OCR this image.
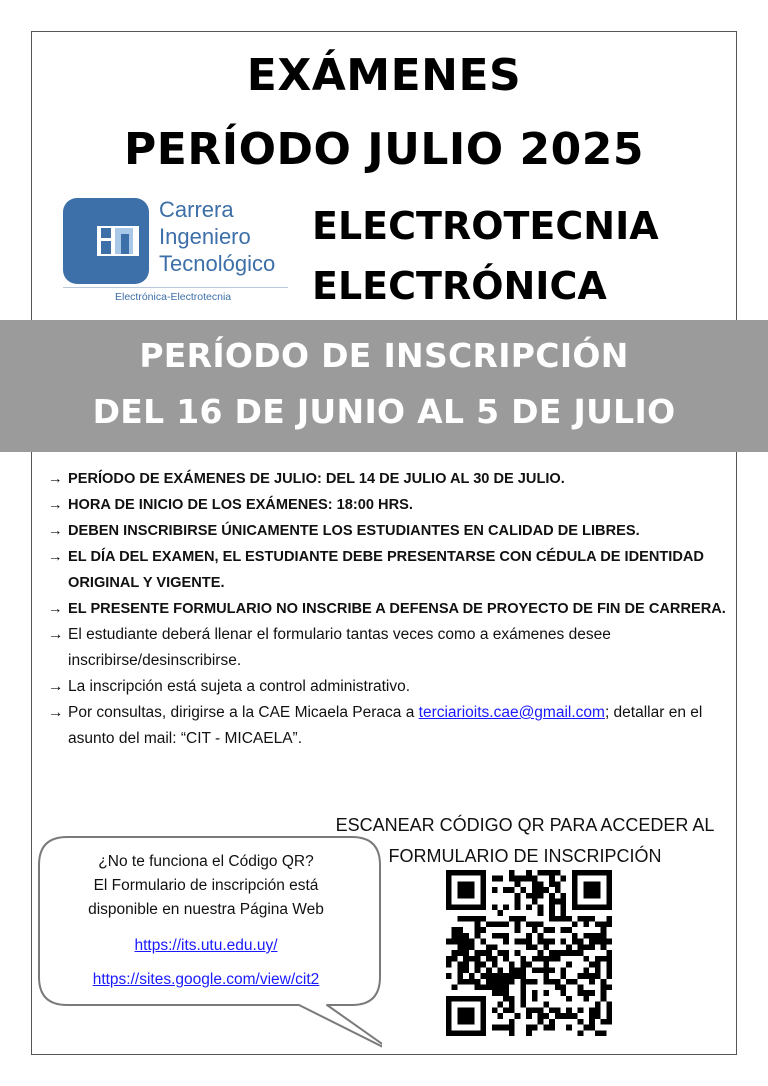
EXÁMENES
PERÍODO JULIO 2025
Carrera
Ingeniero
Tecnológico
Electrónica-Electrotecnia
ELECTROTECNIA
ELECTRÓNICA
PERÍODO DE INSCRIPCIÓN
DEL 16 DE JUNIO AL 5 DE JULIO
→ PERÍODO DE EXÁMENES DE JULIO: DEL 14 DE JULIO AL 30 DE JULIO.
→ HORA DE INICIO DE LOS EXÁMENES: 18:00 HRS.
→ DEBEN INSCRIBIRSE ÚNICAMENTE LOS ESTUDIANTES EN CALIDAD DE LIBRES.
→ EL DÍA DEL EXAMEN, EL ESTUDIANTE DEBE PRESENTARSE CON CÉDULA DE IDENTIDAD ORIGINAL Y VIGENTE.
→ EL PRESENTE FORMULARIO NO INSCRIBE A DEFENSA DE PROYECTO DE FIN DE CARRERA.
→ El estudiante deberá llenar el formulario tantas veces como a exámenes desee inscribirse/desinscribirse.
→ La inscripción está sujeta a control administrativo.
→ Por consultas, dirigirse a la CAE Micaela Peraca a terciarioits.cae@gmail.com; detallar en el asunto del mail: “CIT - MICAELA”.
ESCANEAR CÓDIGO QR PARA ACCEDER AL
FORMULARIO DE INSCRIPCIÓN
¿No te funciona el Código QR?
El Formulario de inscripción está
disponible en nuestra Página Web
https://its.utu.edu.uy/
https://sites.google.com/view/cit2
